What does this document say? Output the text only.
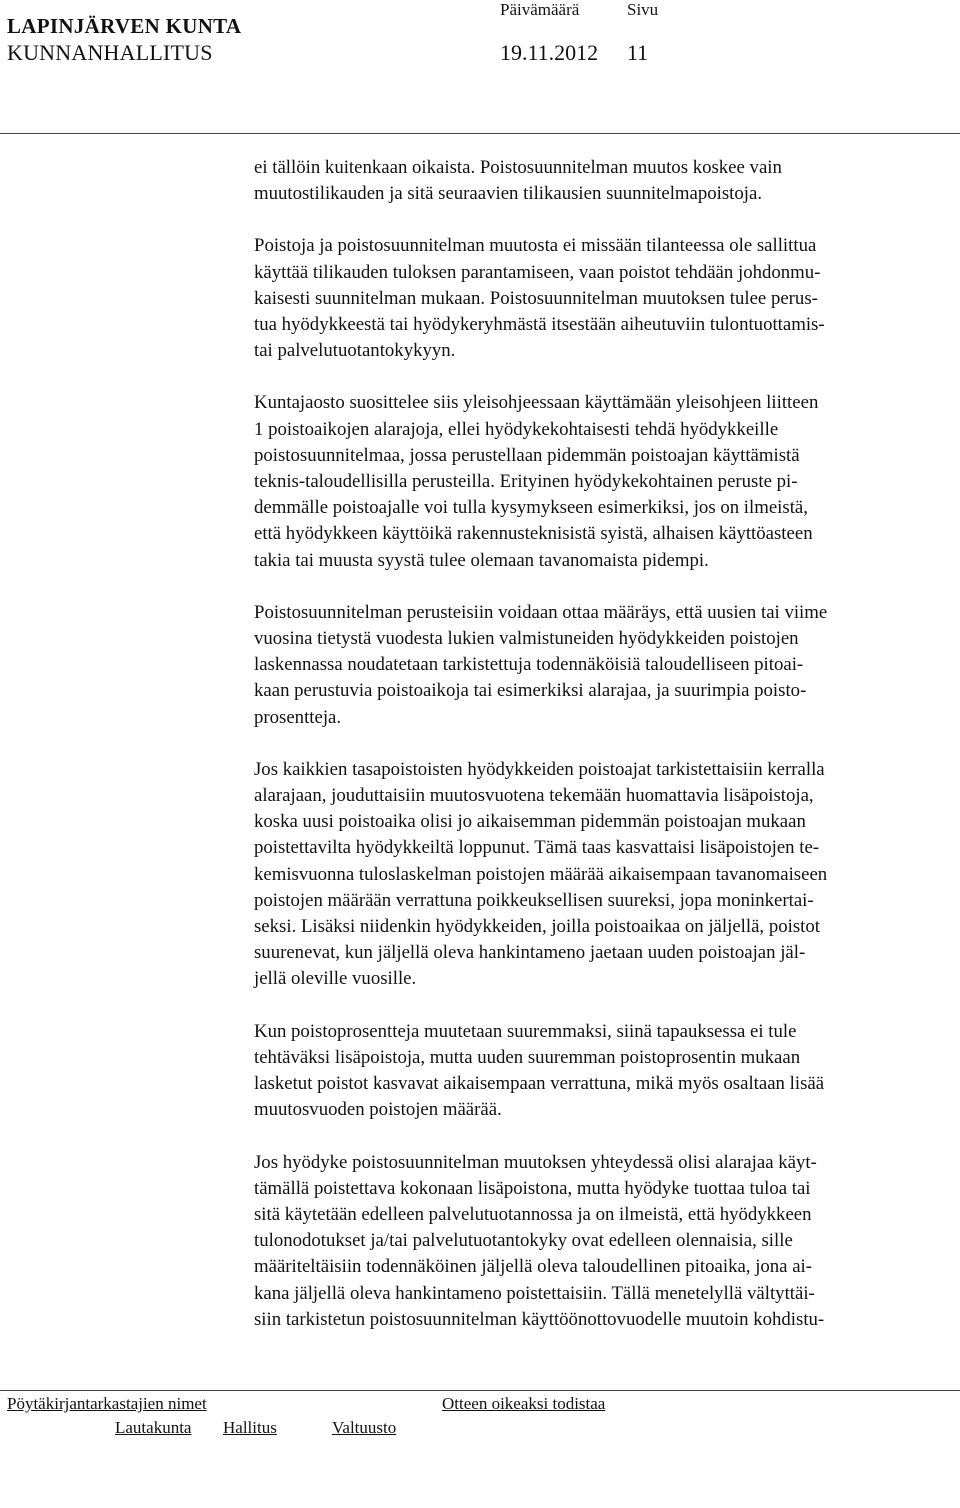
LAPINJÄRVEN KUNTA
KUNNANHALLITUS
Päivämäärä	Sivu
19.11.2012 11

ei tällöin kuitenkaan oikaista. Poistosuunnitelman muutos koskee vain
muutostilikauden ja sitä seuraavien tilikausien suunnitelmapoistoja.

Poistoja ja poistosuunnitelman muutosta ei missään tilanteessa ole sallittua
käyttää tilikauden tuloksen parantamiseen, vaan poistot tehdään johdonmu-
kaisesti suunnitelman mukaan. Poistosuunnitelman muutoksen tulee perus-
tua hyödykkeestä tai hyödykeryhmästä itsestään aiheutuviin tulontuottamis-
tai palvelutuotantokykyyn.

Kuntajaosto suosittelee siis yleisohjeessaan käyttämään yleisohjeen liitteen
1 poistoaikojen alarajoja, ellei hyödykekohtaisesti tehdä hyödykkeille
poistosuunnitelmaa, jossa perustellaan pidemmän poistoajan käyttämistä
teknis-taloudellisilla perusteilla. Erityinen hyödykekohtainen peruste pi-
demmälle poistoajalle voi tulla kysymykseen esimerkiksi, jos on ilmeistä,
että hyödykkeen käyttöikä rakennusteknisistä syistä, alhaisen käyttöasteen
takia tai muusta syystä tulee olemaan tavanomaista pidempi.

Poistosuunnitelman perusteisiin voidaan ottaa määräys, että uusien tai viime
vuosina tietystä vuodesta lukien valmistuneiden hyödykkeiden poistojen
laskennassa noudatetaan tarkistettuja todennäköisiä taloudelliseen pitoai-
kaan perustuvia poistoaikoja tai esimerkiksi alarajaa, ja suurimpia poisto-
prosentteja.

Jos kaikkien tasapoistoisten hyödykkeiden poistoajat tarkistettaisiin kerralla
alarajaan, jouduttaisiin muutosvuotena tekemään huomattavia lisäpoistoja,
koska uusi poistoaika olisi jo aikaisemman pidemmän poistoajan mukaan
poistettavilta hyödykkeiltä loppunut. Tämä taas kasvattaisi lisäpoistojen te-
kemisvuonna tuloslaskelman poistojen määrää aikaisempaan tavanomaiseen
poistojen määrään verrattuna poikkeuksellisen suureksi, jopa moninkertai-
seksi. Lisäksi niidenkin hyödykkeiden, joilla poistoaikaa on jäljellä, poistot
suurenevat, kun jäljellä oleva hankintameno jaetaan uuden poistoajan jäl-
jellä oleville vuosille.

Kun poistoprosentteja muutetaan suuremmaksi, siinä tapauksessa ei tule
tehtäväksi lisäpoistoja, mutta uuden suuremman poistoprosentin mukaan
lasketut poistot kasvavat aikaisempaan verrattuna, mikä myös osaltaan lisää
muutosvuoden poistojen määrää.

Jos hyödyke poistosuunnitelman muutoksen yhteydessä olisi alarajaa käyt-
tämällä poistettava kokonaan lisäpoistona, mutta hyödyke tuottaa tuloa tai
sitä käytetään edelleen palvelutuotannossa ja on ilmeistä, että hyödykkeen
tulonodotukset ja/tai palvelutuotantokyky ovat edelleen olennaisia, sille
määriteltäisiin todennäköinen jäljellä oleva taloudellinen pitoaika, jona ai-
kana jäljellä oleva hankintameno poistettaisiin. Tällä menetelyllä vältyttäi-
siin tarkistetun poistosuunnitelman käyttöönottovuodelle muutoin kohdistu-

Pöytäkirjantarkastajien nimet	Otteen oikeaksi todistaa
Lautakunta Hallitus	Valtuusto
